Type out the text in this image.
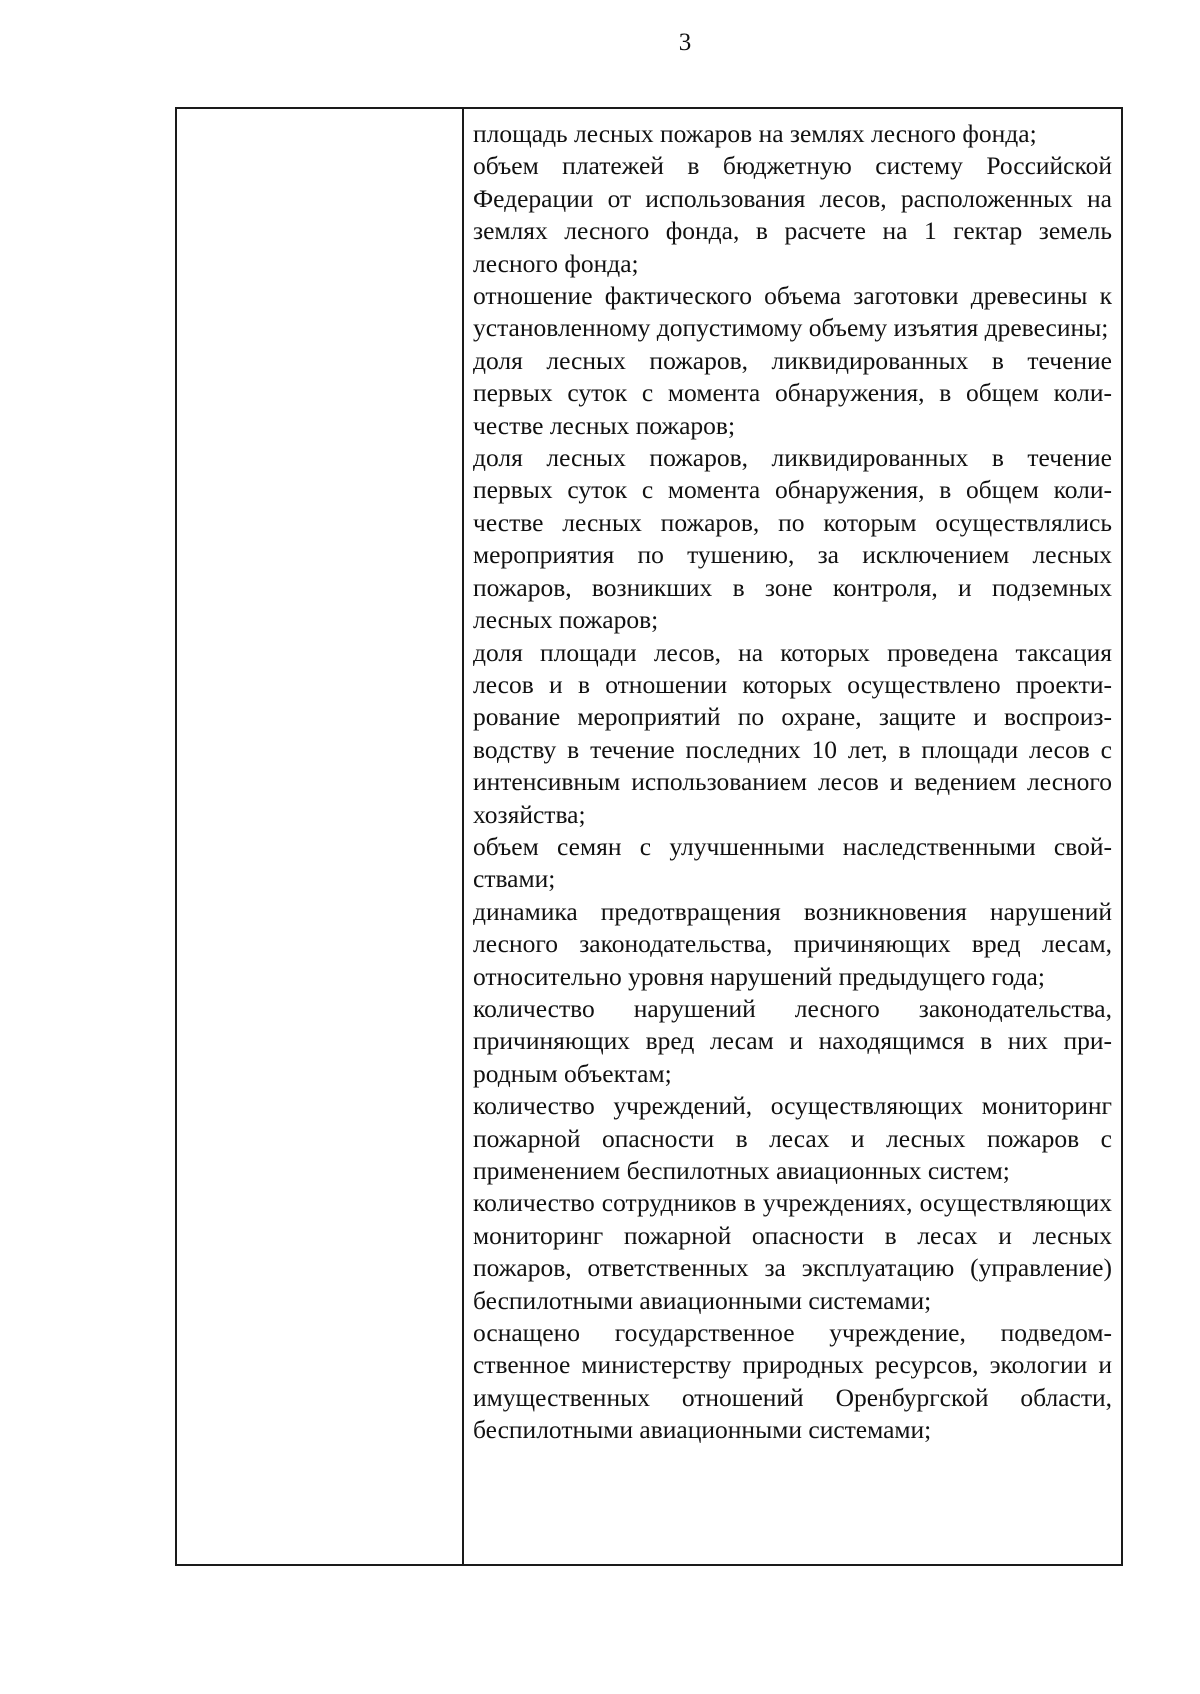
3

площадь лесных пожаров на землях лесного фонда;

объем платежей в бюджетную систему Российской Федерации от использования лесов, расположенных на землях лесного фонда, в расчете на 1 гектар земель лесного фонда;

отношение фактического объема заготовки древесины к установленному допустимому объему изъятия древесины;

доля лесных пожаров, ликвидированных в течение первых суток с момента обнаружения, в общем количестве лесных пожаров;

доля лесных пожаров, ликвидированных в течение первых суток с момента обнаружения, в общем количестве лесных пожаров, по которым осуществлялись мероприятия по тушению, за исключением лесных пожаров, возникших в зоне контроля, и подземных лесных пожаров;

доля площади лесов, на которых проведена таксация лесов и в отношении которых осуществлено проектирование мероприятий по охране, защите и воспроизводству в течение последних 10 лет, в площади лесов с интенсивным использованием лесов и ведением лесного хозяйства;

объем семян с улучшенными наследственными свойствами;

динамика предотвращения возникновения нарушений лесного законодательства, причиняющих вред лесам, относительно уровня нарушений предыдущего года;

количество нарушений лесного законодательства, причиняющих вред лесам и находящимся в них природным объектам;

количество учреждений, осуществляющих мониторинг пожарной опасности в лесах и лесных пожаров с применением беспилотных авиационных систем;

количество сотрудников в учреждениях, осуществляющих мониторинг пожарной опасности в лесах и лесных пожаров, ответственных за эксплуатацию (управление) беспилотными авиационными системами;

оснащено государственное учреждение, подведомственное министерству природных ресурсов, экологии и имущественных отношений Оренбургской области, беспилотными авиационными системами;
